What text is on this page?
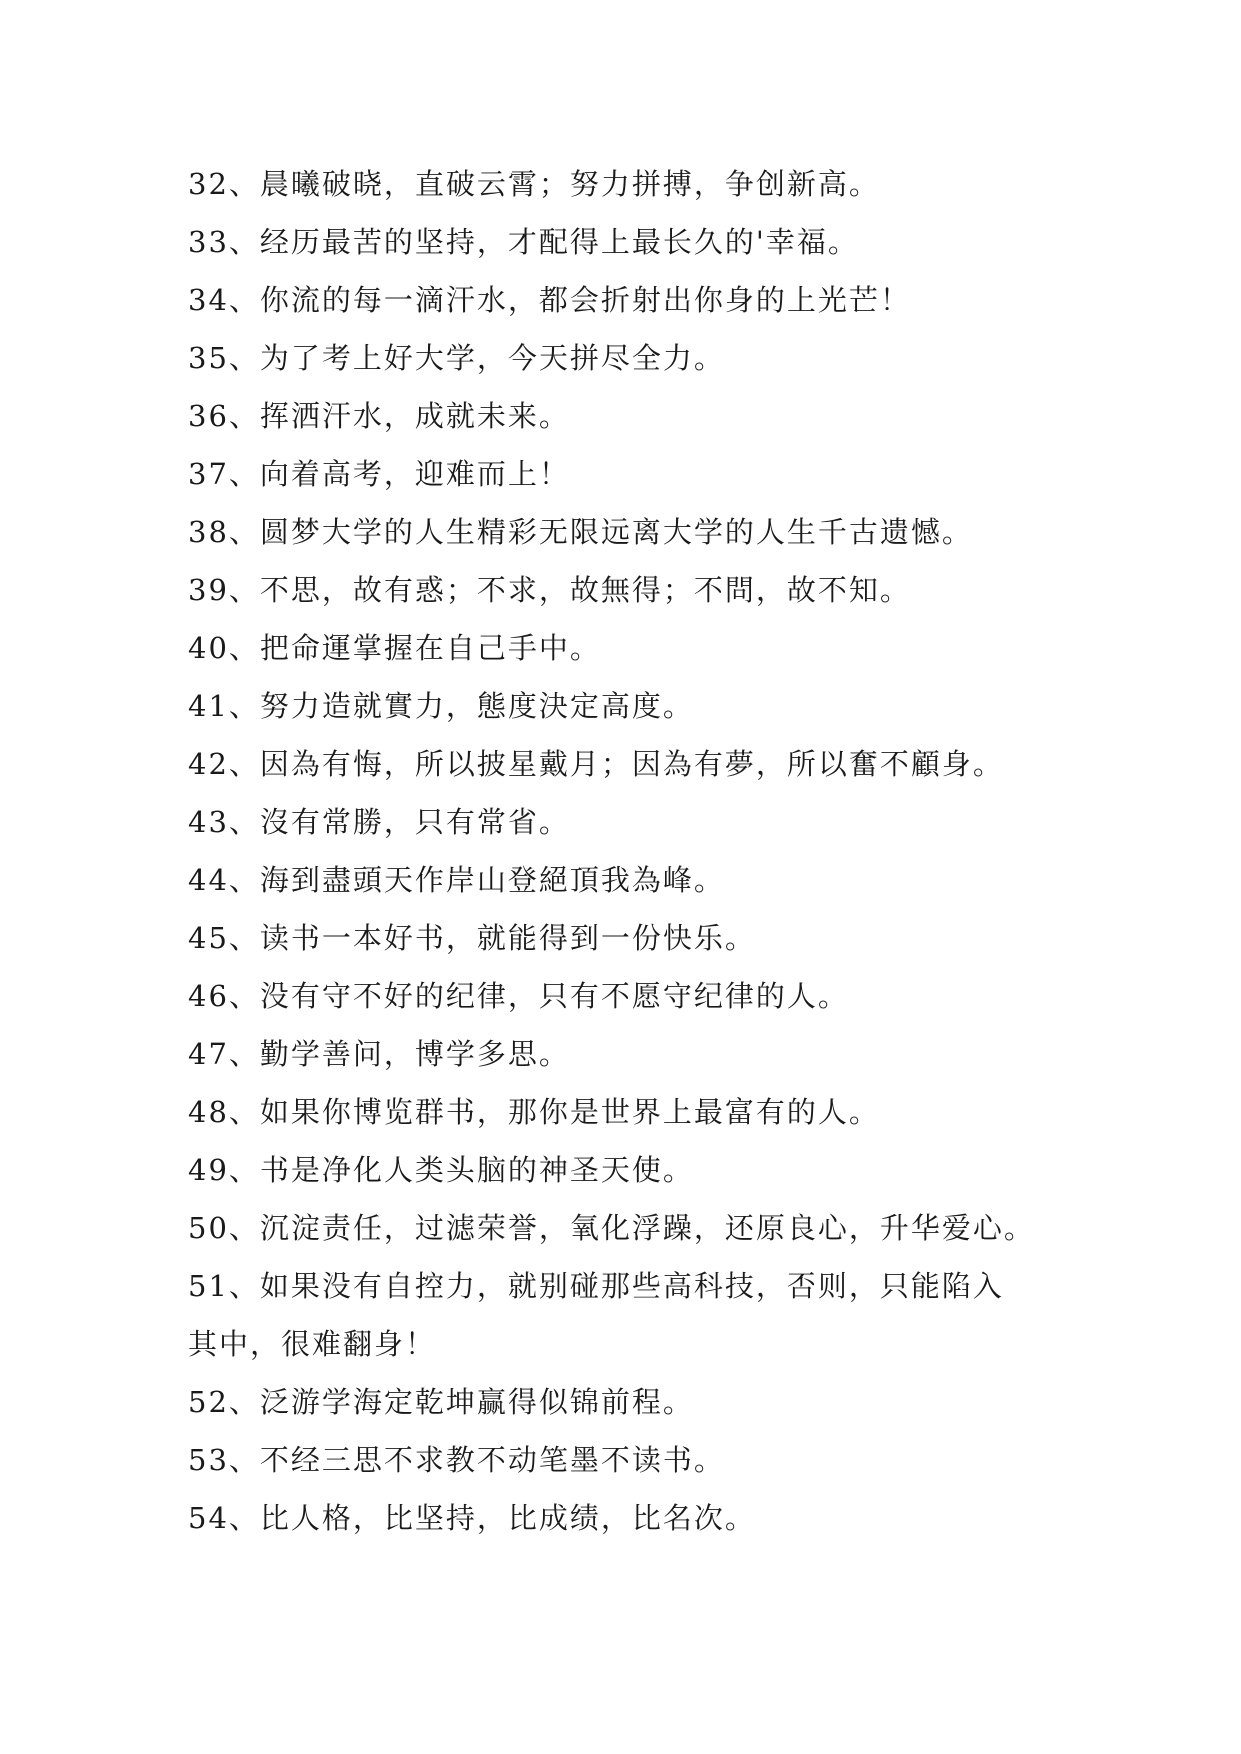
32、晨曦破晓，直破云霄；努力拼搏，争创新高。
33、经历最苦的坚持，才配得上最长久的'幸福。
34、你流的每一滴汗水，都会折射出你身的上光芒！
35、为了考上好大学，今天拼尽全力。
36、挥洒汗水，成就未来。
37、向着高考，迎难而上！
38、圆梦大学的人生精彩无限远离大学的人生千古遗憾。
39、不思，故有惑；不求，故無得；不問，故不知。
40、把命運掌握在自己手中。
41、努力造就實力，態度決定高度。
42、因為有悔，所以披星戴月；因為有夢，所以奮不顧身。
43、沒有常勝，只有常省。
44、海到盡頭天作岸山登絕頂我為峰。
45、读书一本好书，就能得到一份快乐。
46、没有守不好的纪律，只有不愿守纪律的人。
47、勤学善问，博学多思。
48、如果你博览群书，那你是世界上最富有的人。
49、书是净化人类头脑的神圣天使。
50、沉淀责任，过滤荣誉，氧化浮躁，还原良心，升华爱心。
51、如果没有自控力，就别碰那些高科技，否则，只能陷入
其中，很难翻身！
52、泛游学海定乾坤赢得似锦前程。
53、不经三思不求教不动笔墨不读书。
54、比人格，比坚持，比成绩，比名次。
